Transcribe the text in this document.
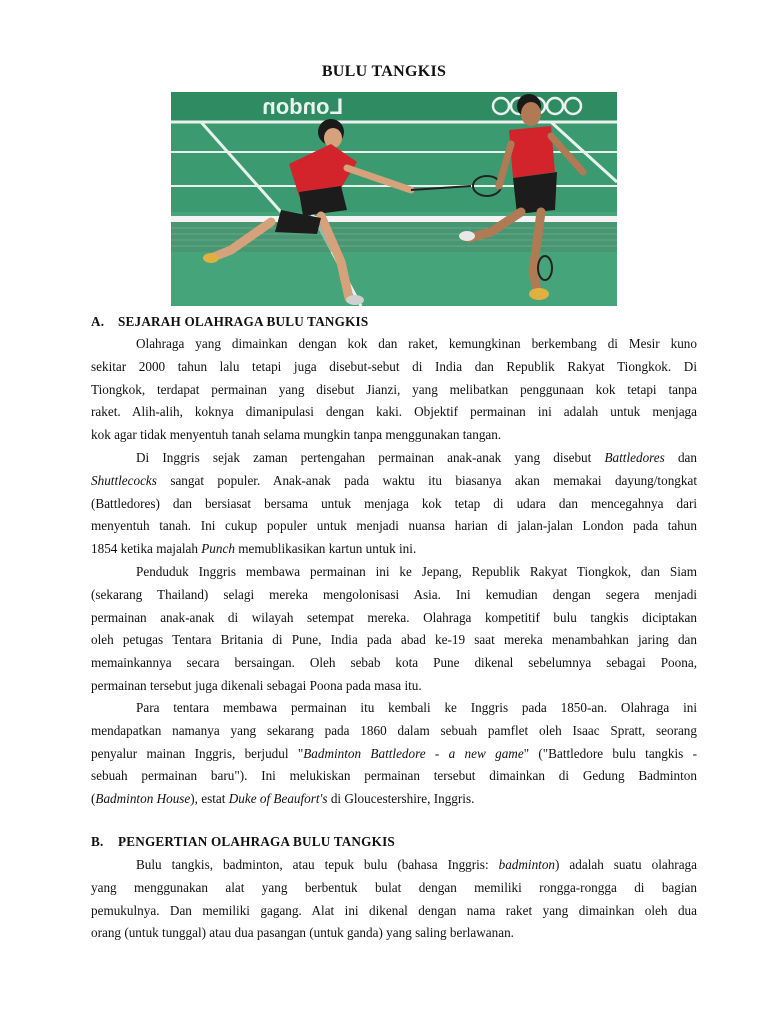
BULU TANGKIS
London
A. SEJARAH OLAHRAGA BULU TANGKIS
Olahraga yang dimainkan dengan kok dan raket, kemungkinan berkembang di Mesir kuno
sekitar 2000 tahun lalu tetapi juga disebut-sebut di India dan Republik Rakyat Tiongkok. Di
Tiongkok, terdapat permainan yang disebut Jianzi, yang melibatkan penggunaan kok tetapi tanpa
raket. Alih-alih, koknya dimanipulasi dengan kaki. Objektif permainan ini adalah untuk menjaga
kok agar tidak menyentuh tanah selama mungkin tanpa menggunakan tangan.
Di Inggris sejak zaman pertengahan permainan anak-anak yang disebut Battledores dan
Shuttlecocks sangat populer. Anak-anak pada waktu itu biasanya akan memakai dayung/tongkat
(Battledores) dan bersiasat bersama untuk menjaga kok tetap di udara dan mencegahnya dari
menyentuh tanah. Ini cukup populer untuk menjadi nuansa harian di jalan-jalan London pada tahun
1854 ketika majalah Punch memublikasikan kartun untuk ini.
Penduduk Inggris membawa permainan ini ke Jepang, Republik Rakyat Tiongkok, dan Siam
(sekarang Thailand) selagi mereka mengolonisasi Asia. Ini kemudian dengan segera menjadi
permainan anak-anak di wilayah setempat mereka. Olahraga kompetitif bulu tangkis diciptakan
oleh petugas Tentara Britania di Pune, India pada abad ke-19 saat mereka menambahkan jaring dan
memainkannya secara bersaingan. Oleh sebab kota Pune dikenal sebelumnya sebagai Poona,
permainan tersebut juga dikenali sebagai Poona pada masa itu.
Para tentara membawa permainan itu kembali ke Inggris pada 1850-an. Olahraga ini
mendapatkan namanya yang sekarang pada 1860 dalam sebuah pamflet oleh Isaac Spratt, seorang
penyalur mainan Inggris, berjudul "Badminton Battledore - a new game" ("Battledore bulu tangkis -
sebuah permainan baru"). Ini melukiskan permainan tersebut dimainkan di Gedung Badminton
(Badminton House), estat Duke of Beaufort's di Gloucestershire, Inggris.
B. PENGERTIAN OLAHRAGA BULU TANGKIS
Bulu tangkis, badminton, atau tepuk bulu (bahasa Inggris: badminton) adalah suatu olahraga
yang menggunakan alat yang berbentuk bulat dengan memiliki rongga-rongga di bagian
pemukulnya. Dan memiliki gagang. Alat ini dikenal dengan nama raket yang dimainkan oleh dua
orang (untuk tunggal) atau dua pasangan (untuk ganda) yang saling berlawanan.
